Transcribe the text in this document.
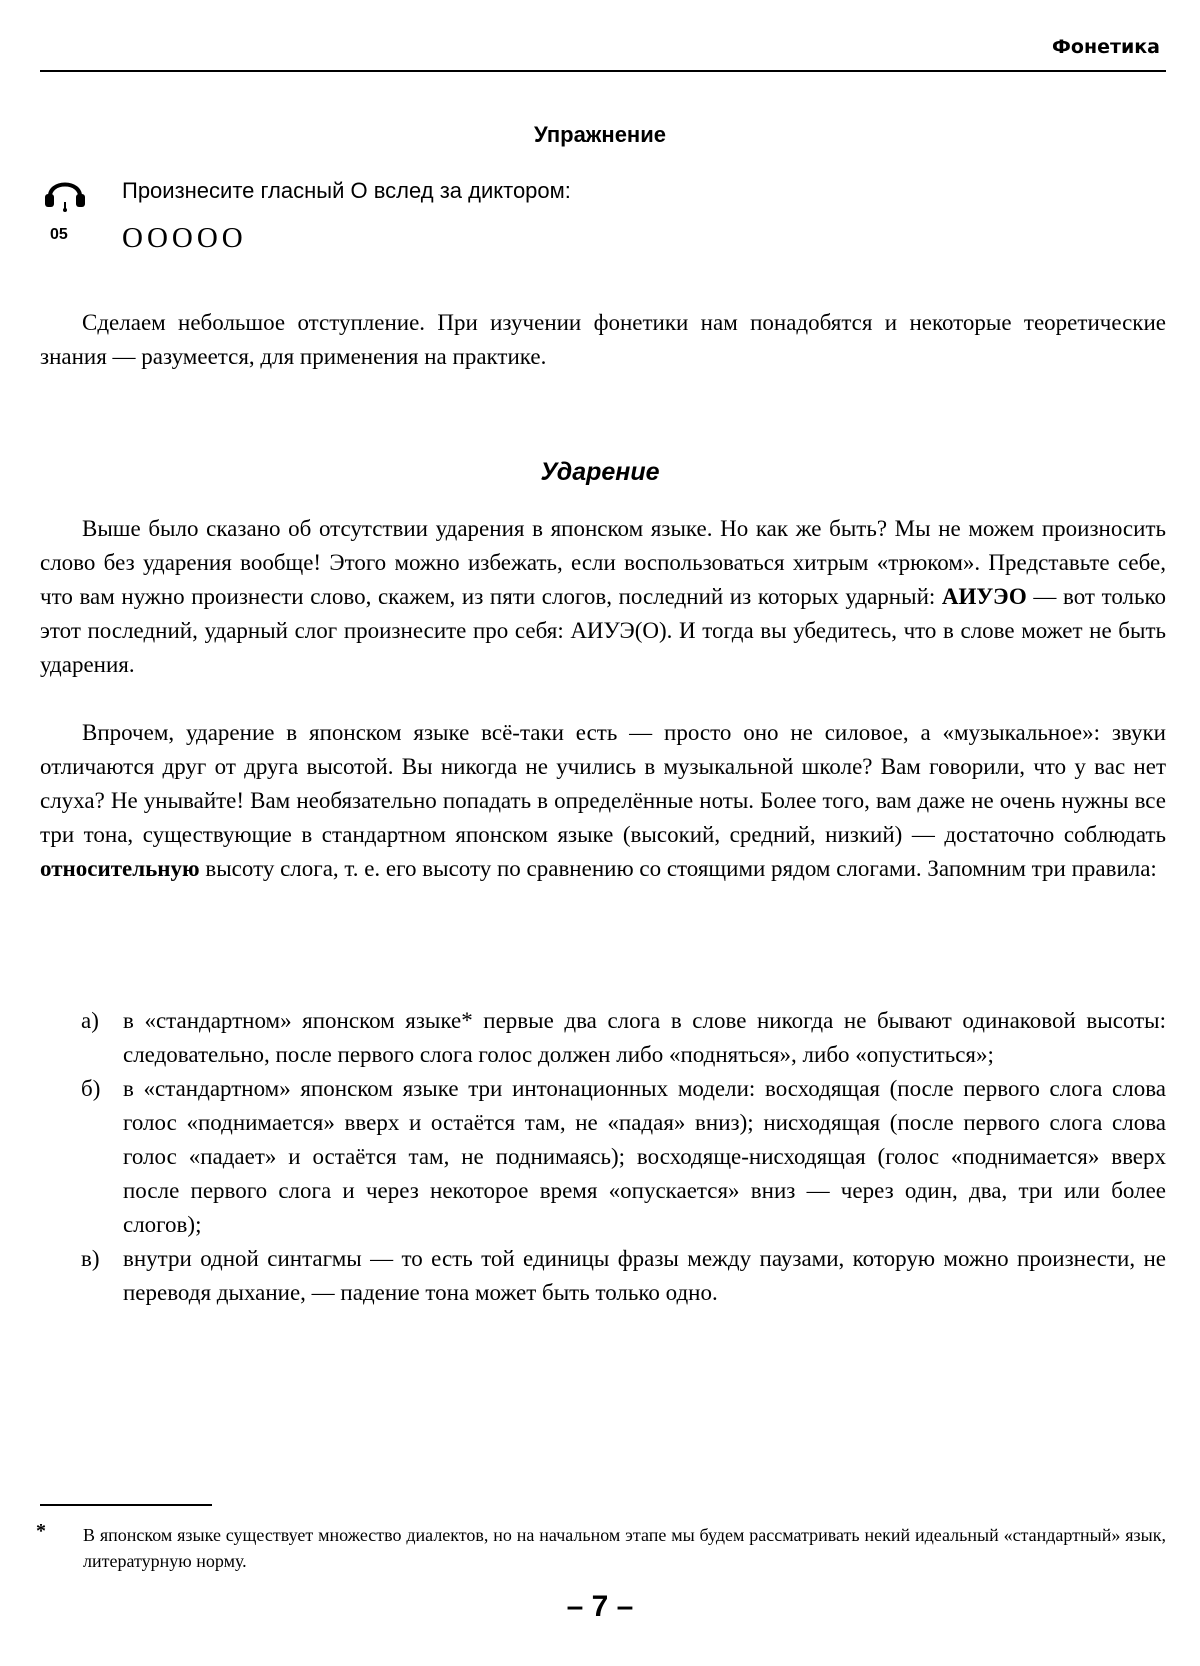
Фонетика
Упражнение
05
Произнесите гласный О вслед за диктором:
ООООО

Сделаем небольшое отступление. При изучении фонетики нам понадобятся и некоторые теоретические знания — разумеется, для применения на практике.

Ударение

Выше было сказано об отсутствии ударения в японском языке. Но как же быть? Мы не можем произносить слово без ударения вообще! Этого можно избежать, если воспользоваться хитрым «трюком». Представьте себе, что вам нужно произнести слово, скажем, из пяти слогов, последний из которых ударный: АИУЭО — вот только этот последний, ударный слог произнесите про себя: АИУЭ(О). И тогда вы убедитесь, что в слове может не быть ударения.

Впрочем, ударение в японском языке всё-таки есть — просто оно не силовое, а «музыкальное»: звуки отличаются друг от друга высотой. Вы никогда не учились в музыкальной школе? Вам говорили, что у вас нет слуха? Не унывайте! Вам необязательно попадать в определённые ноты. Более того, вам даже не очень нужны все три тона, существующие в стандартном японском языке (высокий, средний, низкий) — достаточно соблюдать относительную высоту слога, т. е. его высоту по сравнению со стоящими рядом слогами. Запомним три правила:

а) в «стандартном» японском языке* первые два слога в слове никогда не бывают одинаковой высоты: следовательно, после первого слога голос должен либо «подняться», либо «опуститься»;

б) в «стандартном» японском языке три интонационных модели: восходящая (после первого слога слова голос «поднимается» вверх и остаётся там, не «падая» вниз); нисходящая (после первого слога слова голос «падает» и остаётся там, не поднимаясь); восходяще-нисходящая (голос «поднимается» вверх после первого слога и через некоторое время «опускается» вниз — через один, два, три или более слогов);

в) внутри одной синтагмы — то есть той единицы фразы между паузами, которую можно произнести, не переводя дыхание, — падение тона может быть только одно.

* В японском языке существует множество диалектов, но на начальном этапе мы будем рассматривать некий идеальный «стандартный» язык, литературную норму.
– 7 –
